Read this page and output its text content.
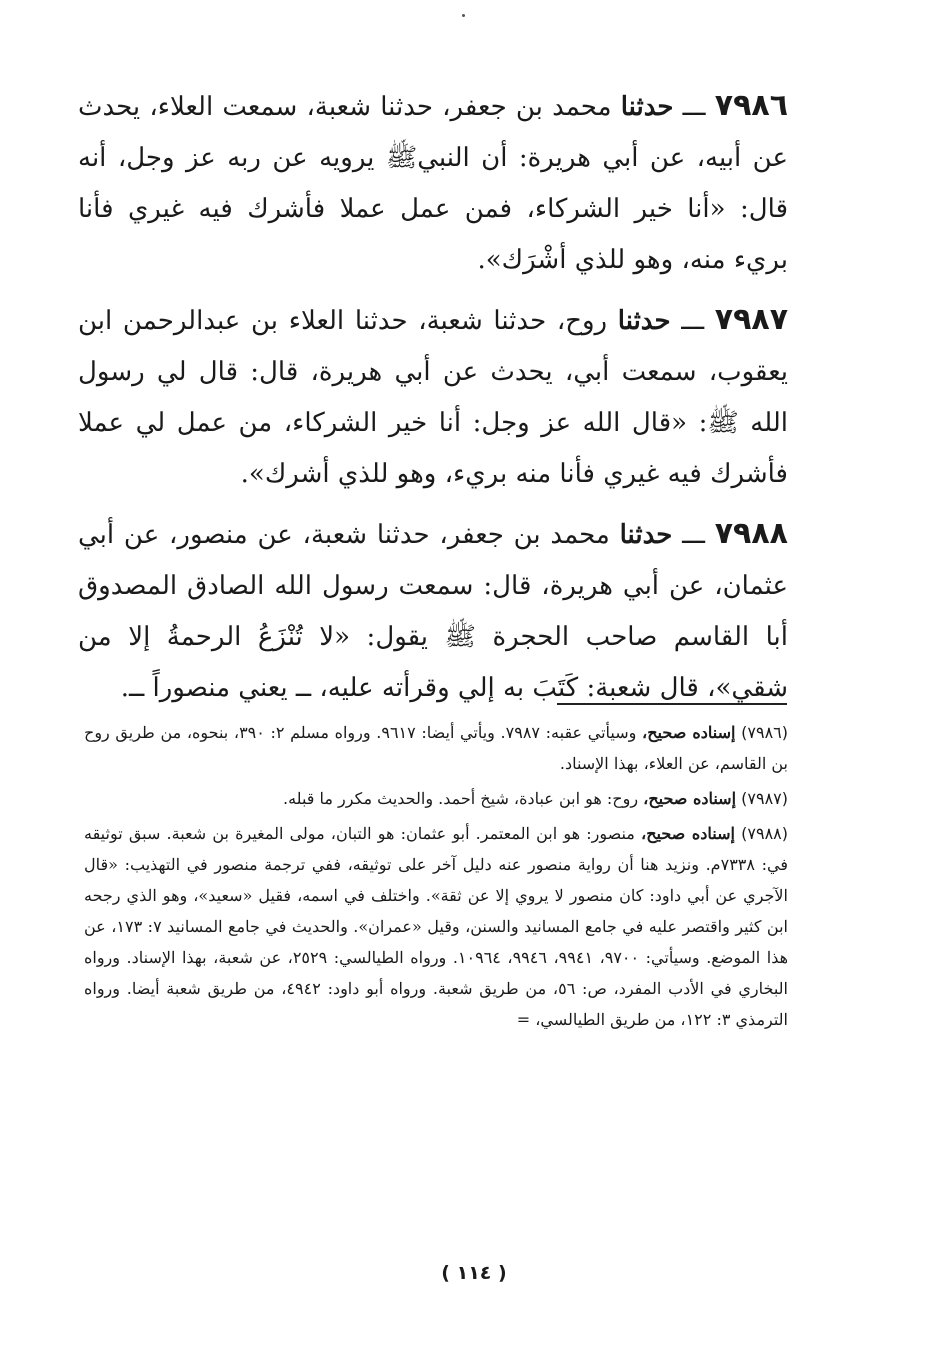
٧٩٨٦ ـــ حدثنا محمد بن جعفر، حدثنا شعبة، سمعت العلاء، يحدث عن أبيه، عن أبي هريرة: أن النبيﷺ يرويه عن ربه عز وجل، أنه قال: «أنا خير الشركاء، فمن عمل عملا فأشرك فيه غيري فأنا بريء منه، وهو للذي أشْرَك».

٧٩٨٧ ـــ حدثنا روح، حدثنا شعبة، حدثنا العلاء بن عبدالرحمن ابن يعقوب، سمعت أبي، يحدث عن أبي هريرة، قال: قال لي رسول الله ﷺ: «قال الله عز وجل: أنا خير الشركاء، من عمل لي عملا فأشرك فيه غيري فأنا منه بريء، وهو للذي أشرك».

٧٩٨٨ ـــ حدثنا محمد بن جعفر، حدثنا شعبة، عن منصور، عن أبي عثمان، عن أبي هريرة، قال: سمعت رسول الله الصادق المصدوق أبا القاسم صاحب الحجرة ﷺ يقول: «لا تُنْزَعُ الرحمةُ إلا من شقي»، قال شعبة: كَتَبَ به إلي وقرأته عليه، ــ يعني منصوراً ــ.

(٧٩٨٦) إسناده صحيح، وسيأتي عقبه: ٧٩٨٧. ويأتي أيضا: ٩٦١٧. ورواه مسلم ٢: ٣٩٠، بنحوه، من طريق روح بن القاسم، عن العلاء، بهذا الإسناد.

(٧٩٨٧) إسناده صحيح، روح: هو ابن عبادة، شيخ أحمد. والحديث مكرر ما قبله.

(٧٩٨٨) إسناده صحيح، منصور: هو ابن المعتمر. أبو عثمان: هو التبان، مولى المغيرة بن شعبة. سبق توثيقه في: ٧٣٣٨م. ونزيد هنا أن رواية منصور عنه دليل آخر على توثيقه، ففي ترجمة منصور في التهذيب: «قال الآجري عن أبي داود: كان منصور لا يروي إلا عن ثقة». واختلف في اسمه، فقيل «سعيد»، وهو الذي رجحه ابن كثير واقتصر عليه في جامع المسانيد والسنن، وقيل «عمران». والحديث في جامع المسانيد ٧: ١٧٣، عن هذا الموضع. وسيأتي: ٩٧٠٠، ٩٩٤١، ٩٩٤٦، ١٠٩٦٤. ورواه الطيالسي: ٢٥٢٩، عن شعبة، بهذا الإسناد. ورواه البخاري في الأدب المفرد، ص: ٥٦، من طريق شعبة. ورواه أبو داود: ٤٩٤٢، من طريق شعبة أيضا. ورواه الترمذي ٣: ١٢٢، من طريق الطيالسي، =

( ١١٤ )
